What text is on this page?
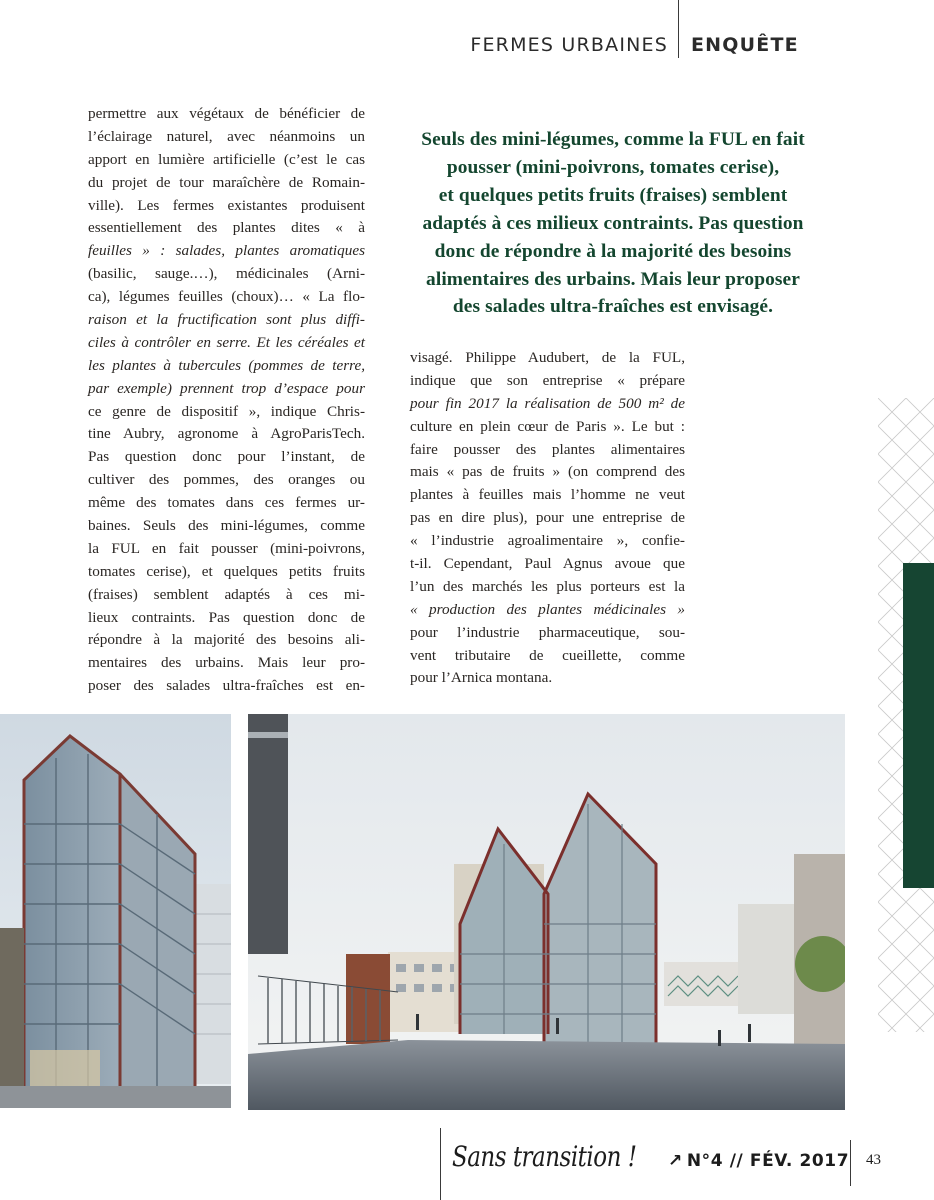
FERMES URBAINES ENQUÊTE
permettre aux végétaux de bénéficier de
l’éclairage naturel, avec néanmoins un
apport en lumière artificielle (c’est le cas
du projet de tour maraîchère de Romain-
ville). Les fermes existantes produisent
essentiellement des plantes dites « à
feuilles » : salades, plantes aromatiques
(basilic, sauge.…), médicinales (Arni-
ca), légumes feuilles (choux)… « La flo-
raison et la fructification sont plus diffi-
ciles à contrôler en serre. Et les céréales et
les plantes à tubercules (pommes de terre,
par exemple) prennent trop d’espace pour
ce genre de dispositif », indique Chris-
tine Aubry, agronome à AgroParisTech.
Pas question donc pour l’instant, de
cultiver des pommes, des oranges ou
même des tomates dans ces fermes ur-
baines. Seuls des mini-légumes, comme
la FUL en fait pousser (mini-poivrons,
tomates cerise), et quelques petits fruits
(fraises) semblent adaptés à ces mi-
lieux contraints. Pas question donc de
répondre à la majorité des besoins ali-
mentaires des urbains. Mais leur pro-
poser des salades ultra-fraîches est en-
Seuls des mini-légumes, comme la FUL en fait
pousser (mini-poivrons, tomates cerise),
et quelques petits fruits (fraises) semblent
adaptés à ces milieux contraints. Pas question
donc de répondre à la majorité des besoins
alimentaires des urbains. Mais leur proposer
des salades ultra-fraîches est envisagé.
visagé. Philippe Audubert, de la FUL,
indique que son entreprise « prépare
pour fin 2017 la réalisation de 500 m² de
culture en plein cœur de Paris ». Le but :
faire pousser des plantes alimentaires
mais « pas de fruits » (on comprend des
plantes à feuilles mais l’homme ne veut
pas en dire plus), pour une entreprise de
« l’industrie agroalimentaire », confie-
t-il. Cependant, Paul Agnus avoue que
l’un des marchés les plus porteurs est la
« production des plantes médicinales »
pour l’industrie pharmaceutique, sou-
vent tributaire de cueillette, comme
pour l’Arnica montana.
Sans transition ! ↗ N°4 // FÉV. 2017 43
